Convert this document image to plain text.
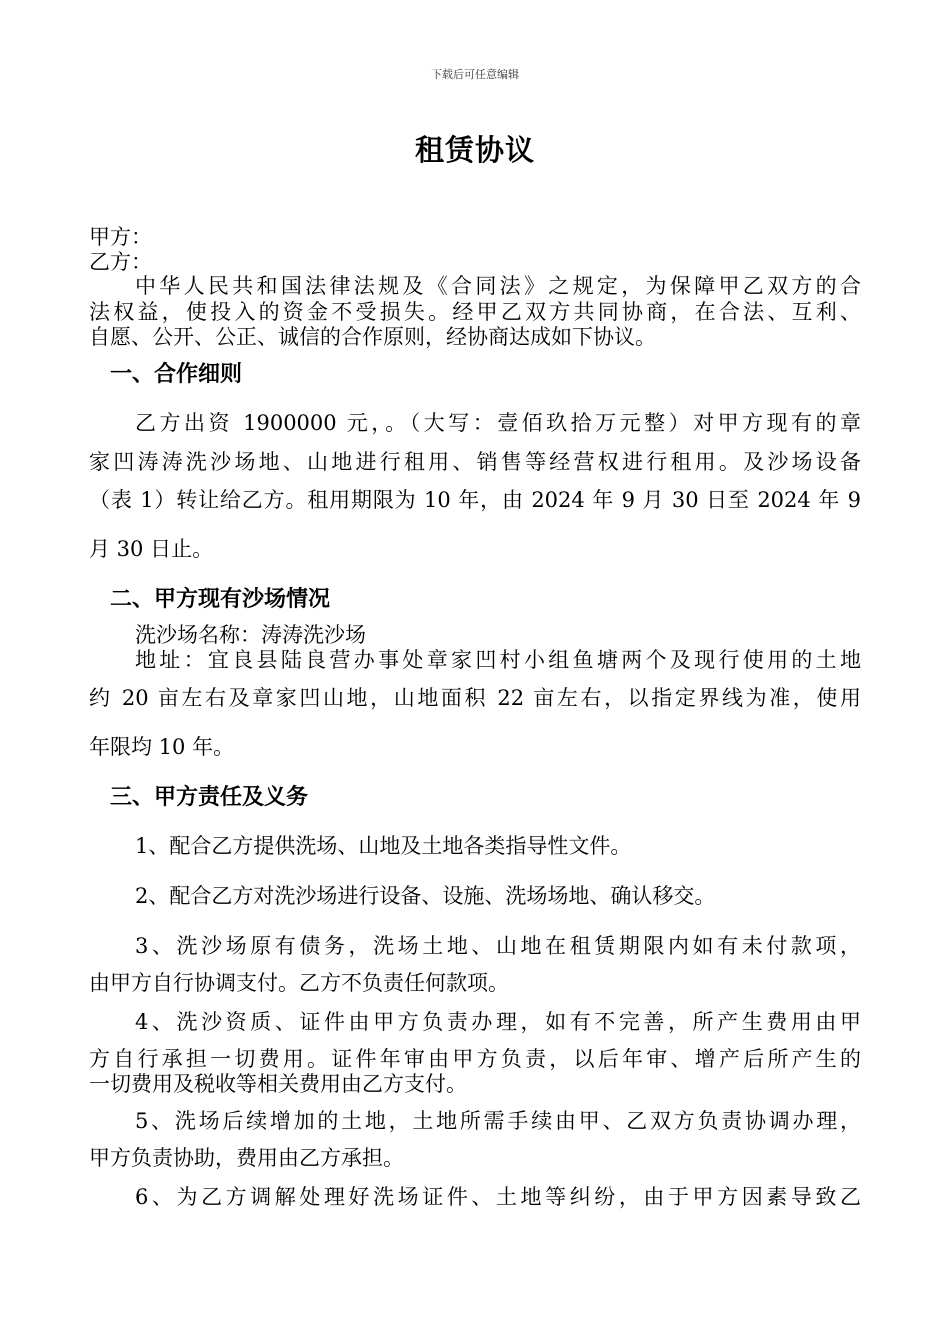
下载后可任意编辑

租赁协议

甲方：

乙方：

中华人民共和国法律法规及《合同法》之规定，为保障甲乙双方的合

法权益，使投入的资金不受损失。经甲乙双方共同协商，在合法、互利、

自愿、公开、公正、诚信的合作原则，经协商达成如下协议。

一、合作细则

乙方出资 1900000 元，。（大写：壹佰玖拾万元整）对甲方现有的章

家凹涛涛洗沙场地、山地进行租用、销售等经营权进行租用。及沙场设备

（表 1）转让给乙方。租用期限为 10 年，由 2024 年 9 月 30 日至 2024 年 9

月 30 日止。

二、甲方现有沙场情况

洗沙场名称：涛涛洗沙场

地址：宜良县陆良营办事处章家凹村小组鱼塘两个及现行使用的土地

约 20 亩左右及章家凹山地，山地面积 22 亩左右，以指定界线为准，使用

年限均 10 年。

三、甲方责任及义务

1、配合乙方提供洗场、山地及土地各类指导性文件。

2、配合乙方对洗沙场进行设备、设施、洗场场地、确认移交。

3、洗沙场原有债务，洗场土地、山地在租赁期限内如有未付款项，

由甲方自行协调支付。乙方不负责任何款项。

4、洗沙资质、证件由甲方负责办理，如有不完善，所产生费用由甲

方自行承担一切费用。证件年审由甲方负责，以后年审、增产后所产生的

一切费用及税收等相关费用由乙方支付。

5、洗场后续增加的土地，土地所需手续由甲、乙双方负责协调办理，

甲方负责协助，费用由乙方承担。

6、为乙方调解处理好洗场证件、土地等纠纷，由于甲方因素导致乙
